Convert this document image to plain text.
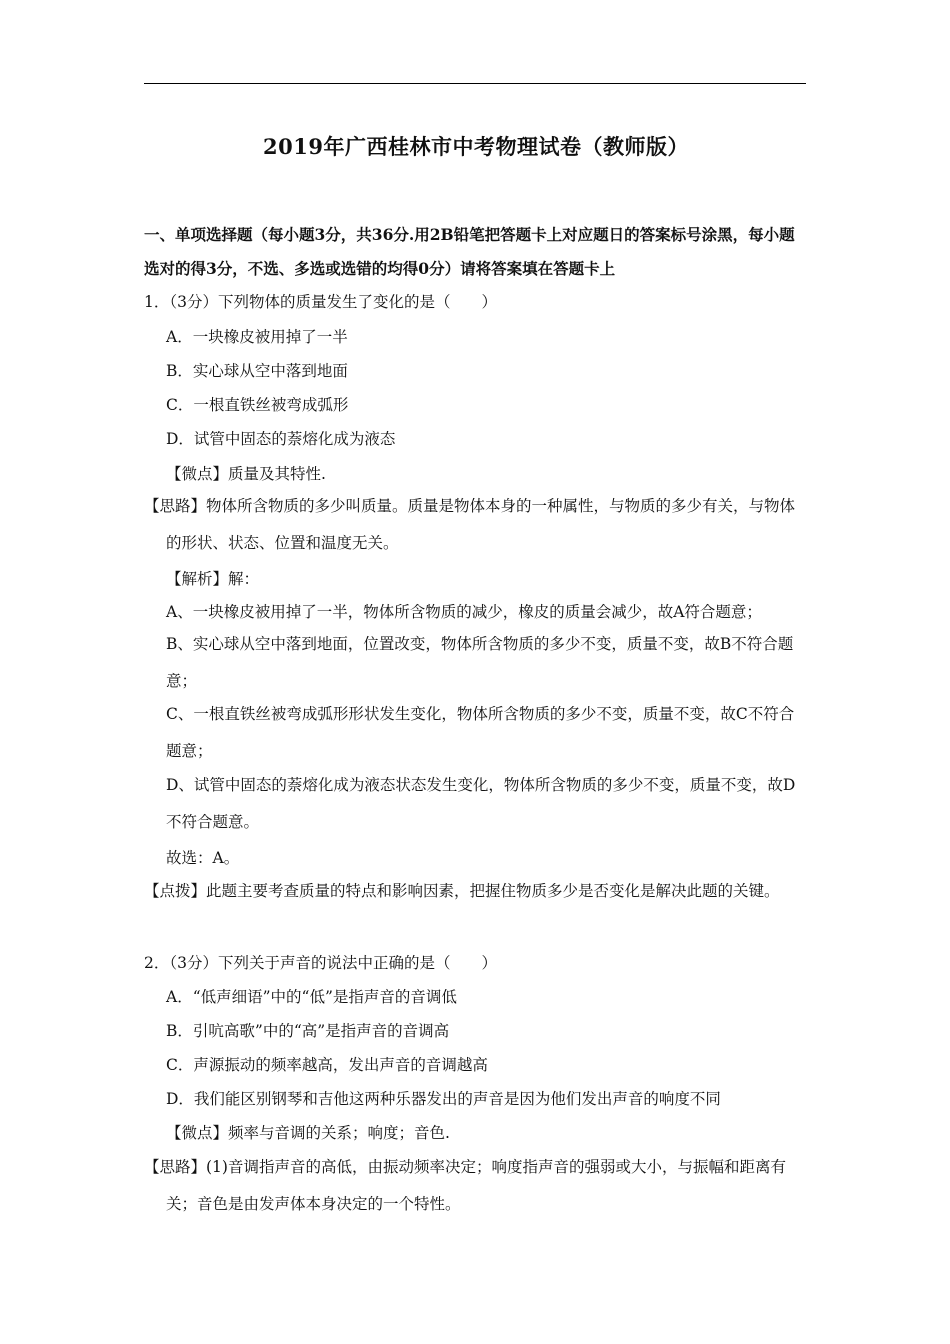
2019年广西桂林市中考物理试卷（教师版）
一、单项选择题（每小题3分，共36分.用2B铅笔把答题卡上对应题日的答案标号涂黑，每小题选对的得3分，不选、多选或选错的均得0分）请将答案填在答题卡上
1．（3分）下列物体的质量发生了变化的是（　　）
A．一块橡皮被用掉了一半
B．实心球从空中落到地面
C．一根直铁丝被弯成弧形
D．试管中固态的萘熔化成为液态
【微点】质量及其特性.
【思路】物体所含物质的多少叫质量。质量是物体本身的一种属性，与物质的多少有关，与物体的形状、状态、位置和温度无关。
【解析】解：
A、一块橡皮被用掉了一半，物体所含物质的减少，橡皮的质量会减少，故A符合题意；
B、实心球从空中落到地面，位置改变，物体所含物质的多少不变，质量不变，故B不符合题意；
C、一根直铁丝被弯成弧形形状发生变化，物体所含物质的多少不变，质量不变，故C不符合题意；
D、试管中固态的萘熔化成为液态状态发生变化，物体所含物质的多少不变，质量不变，故D不符合题意。
故选：A。
【点拨】此题主要考查质量的特点和影响因素，把握住物质多少是否变化是解决此题的关键。
2．（3分）下列关于声音的说法中正确的是（　　）
A．“低声细语”中的“低”是指声音的音调低
B．引吭高歌”中的“高”是指声音的音调高
C．声源振动的频率越高，发出声音的音调越高
D．我们能区别钢琴和吉他这两种乐器发出的声音是因为他们发出声音的响度不同
【微点】频率与音调的关系；响度；音色.
【思路】(1)音调指声音的高低，由振动频率决定；响度指声音的强弱或大小，与振幅和距离有关；音色是由发声体本身决定的一个特性。
